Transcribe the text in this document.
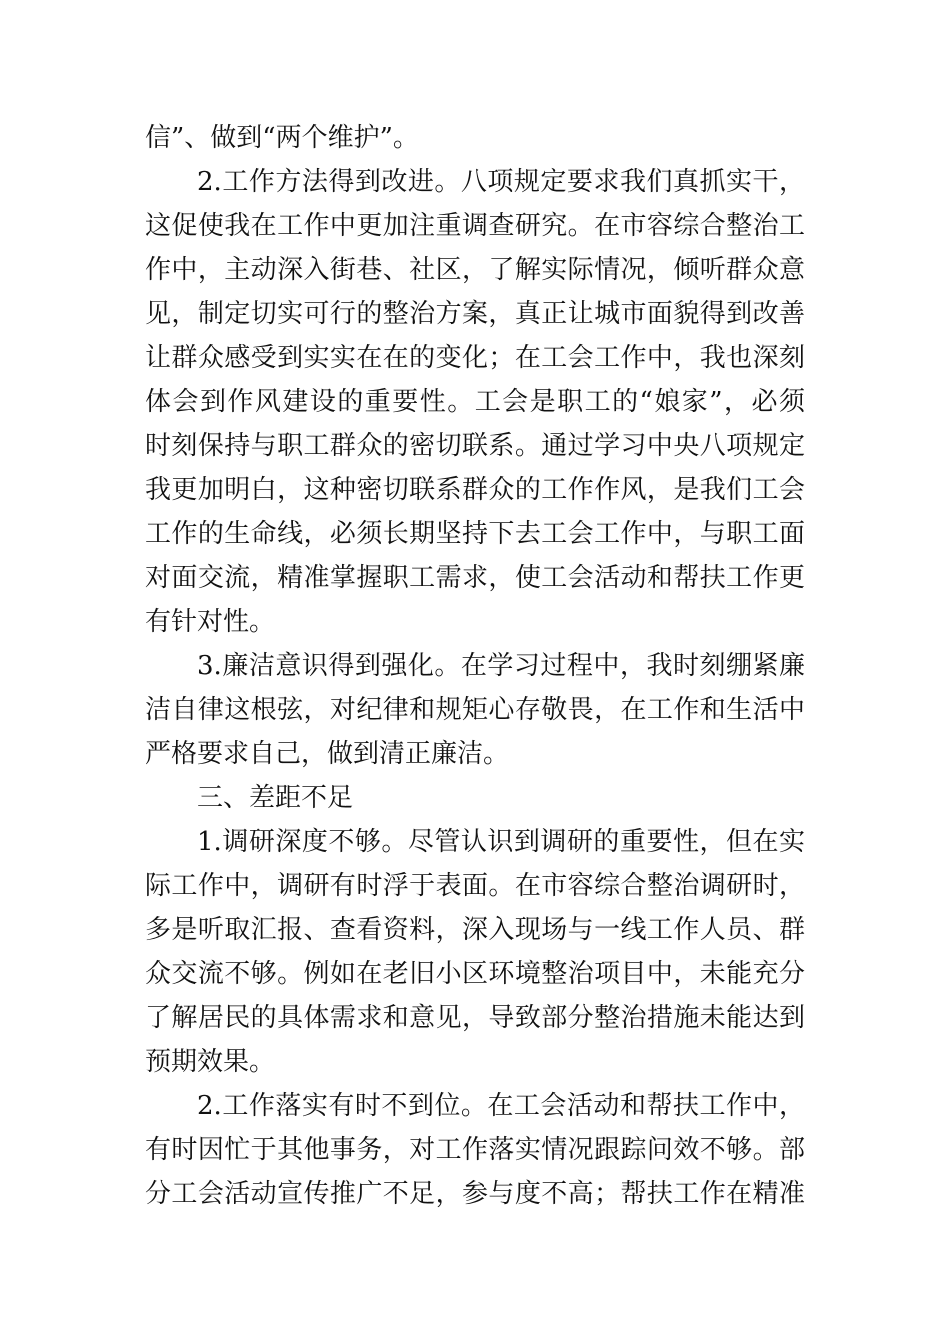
信”、做到“两个维护”。
2.工作方法得到改进。八项规定要求我们真抓实干，
这促使我在工作中更加注重调查研究。在市容综合整治工
作中，主动深入街巷、社区，了解实际情况，倾听群众意
见，制定切实可行的整治方案，真正让城市面貌得到改善
让群众感受到实实在在的变化；在工会工作中，我也深刻
体会到作风建设的重要性。工会是职工的“娘家”，必须
时刻保持与职工群众的密切联系。通过学习中央八项规定
我更加明白，这种密切联系群众的工作作风，是我们工会
工作的生命线，必须长期坚持下去工会工作中，与职工面
对面交流，精准掌握职工需求，使工会活动和帮扶工作更
有针对性。
3.廉洁意识得到强化。在学习过程中，我时刻绷紧廉
洁自律这根弦，对纪律和规矩心存敬畏，在工作和生活中
严格要求自己，做到清正廉洁。
三、差距不足
1.调研深度不够。尽管认识到调研的重要性，但在实
际工作中，调研有时浮于表面。在市容综合整治调研时，
多是听取汇报、查看资料，深入现场与一线工作人员、群
众交流不够。例如在老旧小区环境整治项目中，未能充分
了解居民的具体需求和意见，导致部分整治措施未能达到
预期效果。
2.工作落实有时不到位。在工会活动和帮扶工作中，
有时因忙于其他事务，对工作落实情况跟踪问效不够。部
分工会活动宣传推广不足，参与度不高；帮扶工作在精准
